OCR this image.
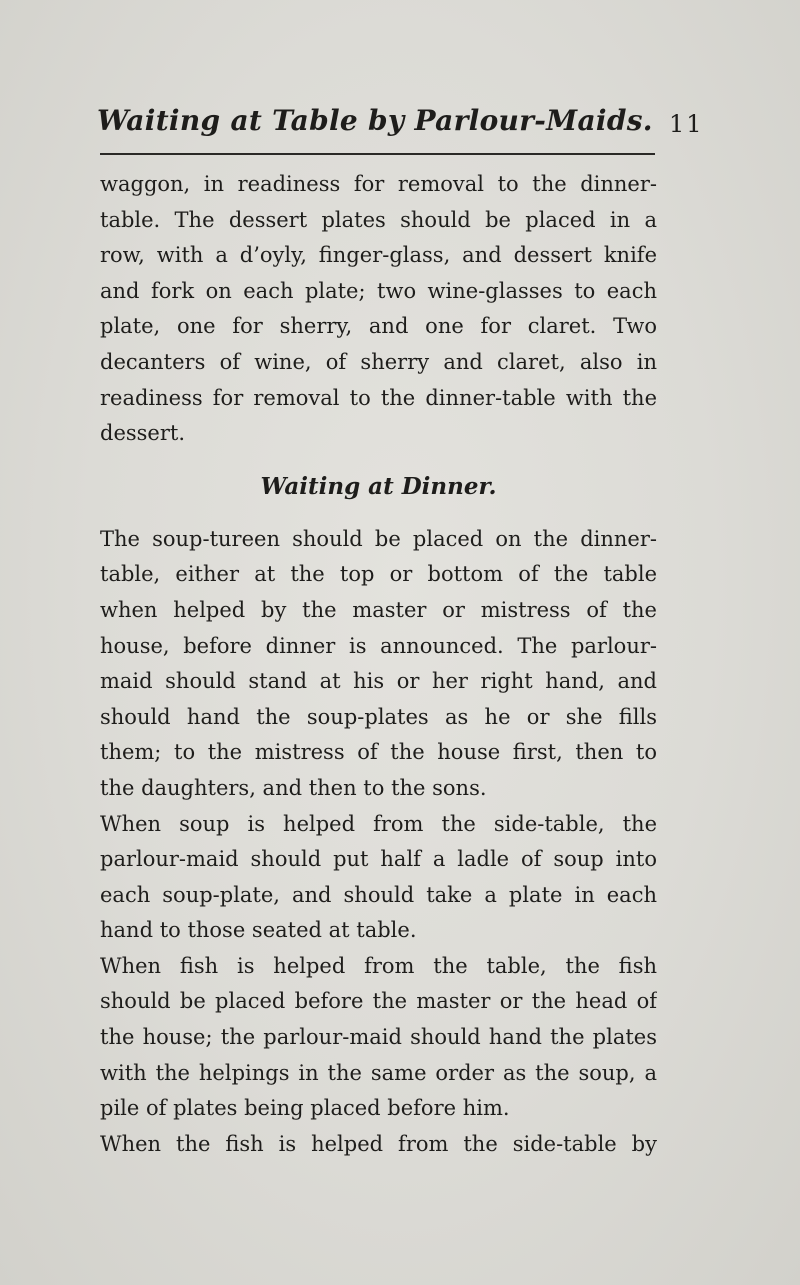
Waiting at Table by Parlour-Maids. 11
waggon, in readiness for removal to the dinner-
table. The dessert plates should be placed in a
row, with a d’oyly, finger-glass, and dessert knife
and fork on each plate; two wine-glasses to each
plate, one for sherry, and one for claret. Two
decanters of wine, of sherry and claret, also in
readiness for removal to the dinner-table with the
dessert.
Waiting at Dinner.
The soup-tureen should be placed on the dinner-
table, either at the top or bottom of the table
when helped by the master or mistress of the
house, before dinner is announced. The parlour-
maid should stand at his or her right hand, and
should hand the soup-plates as he or she fills
them; to the mistress of the house first, then to
the daughters, and then to the sons.
When soup is helped from the side-table, the
parlour-maid should put half a ladle of soup into
each soup-plate, and should take a plate in each
hand to those seated at table.
When fish is helped from the table, the fish
should be placed before the master or the head of
the house; the parlour-maid should hand the plates
with the helpings in the same order as the soup, a
pile of plates being placed before him.
When the fish is helped from the side-table by
